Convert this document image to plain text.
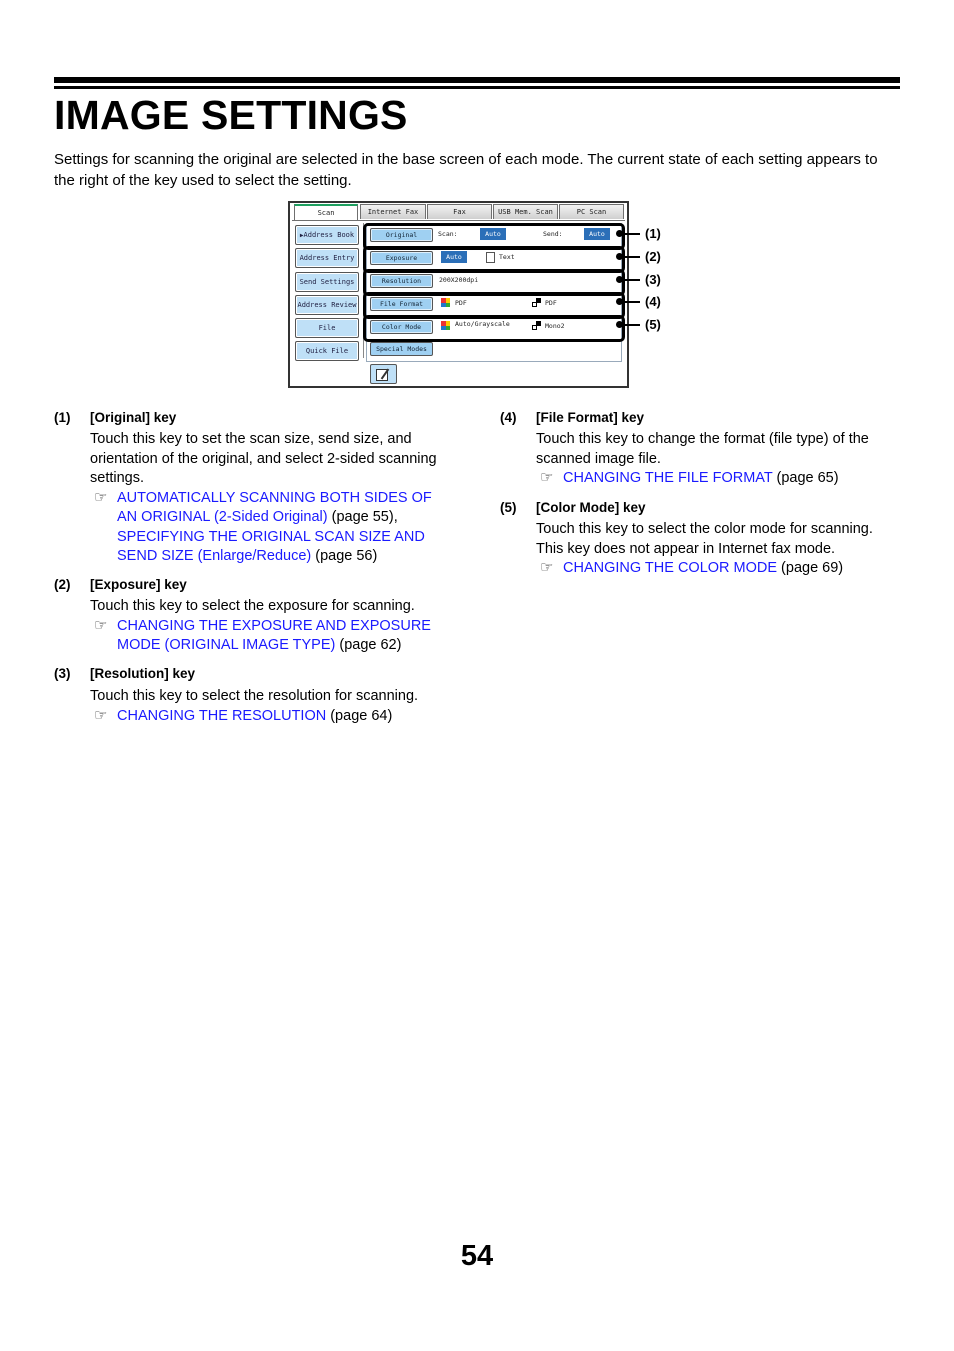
IMAGE SETTINGS
Settings for scanning the original are selected in the base screen of each mode. The current state of each setting appears to the right of the key used to select the setting.
Scan	Internet Fax	Fax	USB Mem. Scan	PC Scan
▶Address Book
Address Entry
Send Settings
Address Review
File
Quick File
Original	Scan:	Auto	Send:	Auto
Exposure	Auto	Text
Resolution	200X200dpi
File Format	PDF	PDF
Color Mode	Auto/Grayscale	Mono2
Special Modes
(1)
(2)
(3)
(4)
(5)
(1) [Original] key
Touch this key to set the scan size, send size, and orientation of the original, and select 2-sided scanning settings.
☞ AUTOMATICALLY SCANNING BOTH SIDES OF AN ORIGINAL (2-Sided Original) (page 55), SPECIFYING THE ORIGINAL SCAN SIZE AND SEND SIZE (Enlarge/Reduce) (page 56)
(2) [Exposure] key
Touch this key to select the exposure for scanning.
☞ CHANGING THE EXPOSURE AND EXPOSURE MODE (ORIGINAL IMAGE TYPE) (page 62)
(3) [Resolution] key
Touch this key to select the resolution for scanning.
☞ CHANGING THE RESOLUTION (page 64)
(4) [File Format] key
Touch this key to change the format (file type) of the scanned image file.
☞ CHANGING THE FILE FORMAT (page 65)
(5) [Color Mode] key
Touch this key to select the color mode for scanning. This key does not appear in Internet fax mode.
☞ CHANGING THE COLOR MODE (page 69)
54
